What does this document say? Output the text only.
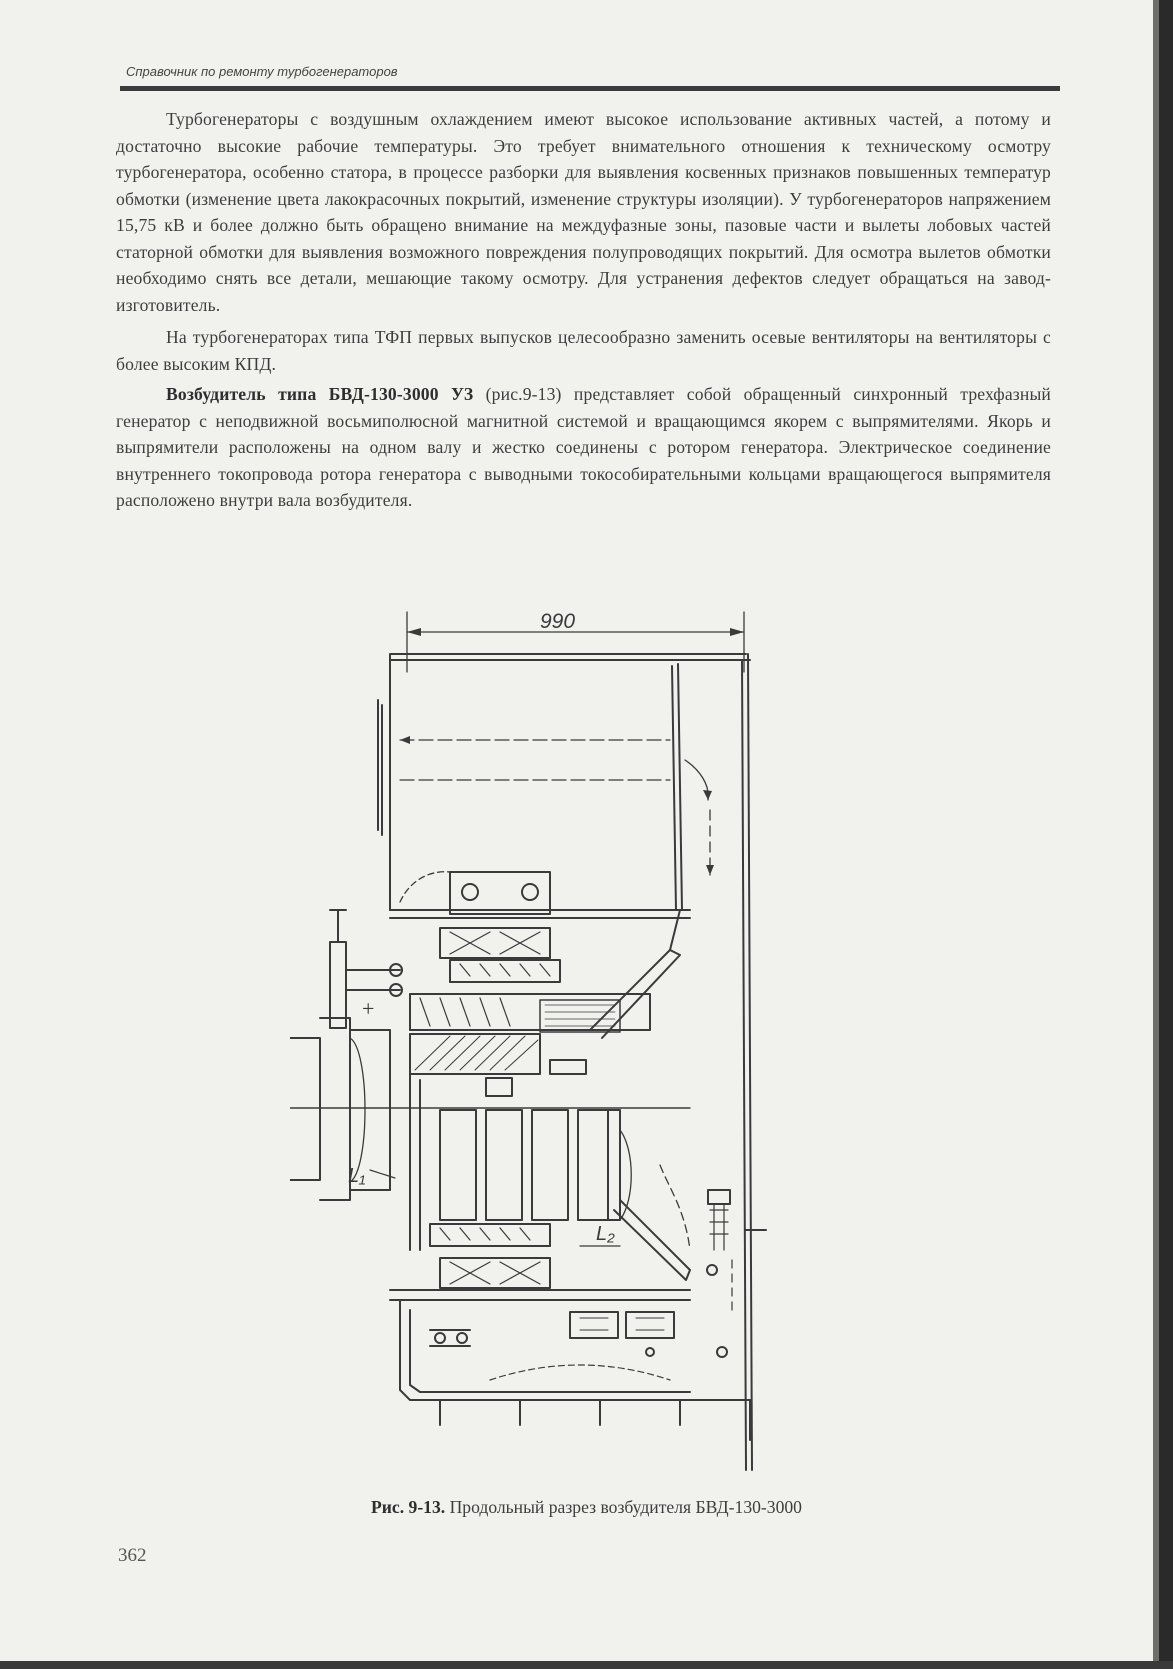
Справочник по ремонту турбогенераторов

Турбогенераторы с воздушным охлаждением имеют высокое использование активных частей, а потому и достаточно высокие рабочие температуры. Это требует внимательного отношения к техническому осмотру турбогенератора, особенно статора, в процессе разборки для выявления косвенных признаков повышенных температур обмотки (изменение цвета лакокрасочных покрытий, изменение структуры изоляции). У турбогенераторов напряжением 15,75 кВ и более должно быть обращено внимание на междуфазные зоны, пазовые части и вылеты лобовых частей статорной обмотки для выявления возможного повреждения полупроводящих покрытий. Для осмотра вылетов обмотки необходимо снять все детали, мешающие такому осмотру. Для устранения дефектов следует обращаться на завод-изготовитель.

На турбогенераторах типа ТФП первых выпусков целесообразно заменить осевые вентиляторы на вентиляторы с более высоким КПД.

Возбудитель типа БВД-130-3000 УЗ (рис.9-13) представляет собой обращенный синхронный трехфазный генератор с неподвижной восьмиполюсной магнитной системой и вращающимся якорем с выпрямителями. Якорь и выпрямители расположены на одном валу и жестко соединены с ротором генератора. Электрическое соединение внутреннего токопровода ротора генератора с выводными токособирательными кольцами вращающегося выпрямителя расположено внутри вала возбудителя.

990
+
L₁
L₂
Рис. 9-13. Продольный разрез возбудителя БВД-130-3000
362
